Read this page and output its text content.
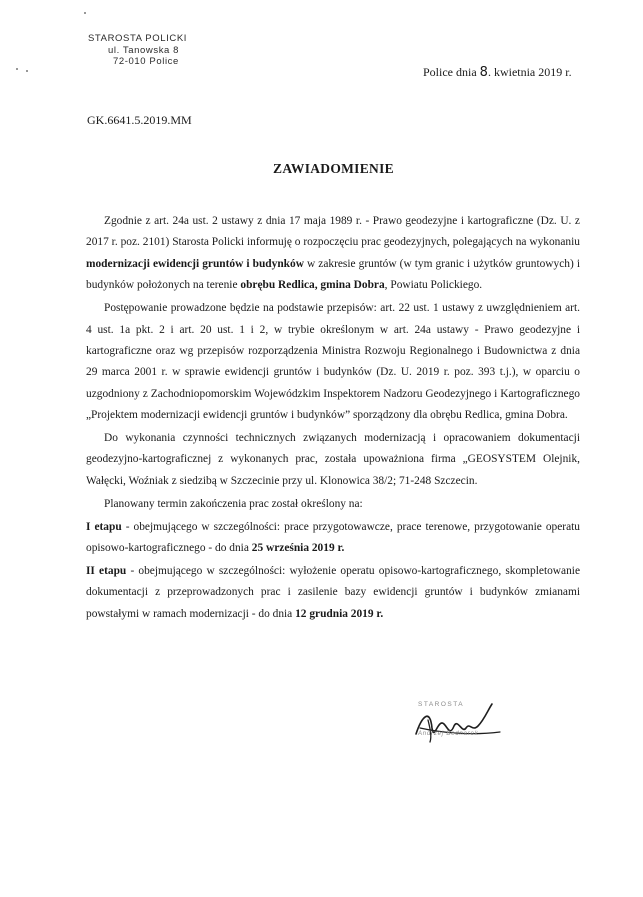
STAROSTA POLICKI
ul. Tanowska 8
72-010 Police
Police dnia 8. kwietnia 2019 r.
GK.6641.5.2019.MM
ZAWIADOMIENIE

Zgodnie z art. 24a ust. 2 ustawy z dnia 17 maja 1989 r. - Prawo geodezyjne i kartograficzne (Dz. U. z 2017 r. poz. 2101) Starosta Policki informuję o rozpoczęciu prac geodezyjnych, polegających na wykonaniu modernizacji ewidencji gruntów i budynków w zakresie gruntów (w tym granic i użytków gruntowych) i budynków położonych na terenie obrębu Redlica, gmina Dobra, Powiatu Polickiego.

Postępowanie prowadzone będzie na podstawie przepisów: art. 22 ust. 1 ustawy z uwzględnieniem art. 4 ust. 1a pkt. 2 i art. 20 ust. 1 i 2, w trybie określonym w art. 24a ustawy - Prawo geodezyjne i kartograficzne oraz wg przepisów rozporządzenia Ministra Rozwoju Regionalnego i Budownictwa z dnia 29 marca 2001 r. w sprawie ewidencji gruntów i budynków (Dz. U. 2019 r. poz. 393 t.j.), w oparciu o uzgodniony z Zachodniopomorskim Wojewódzkim Inspektorem Nadzoru Geodezyjnego i Kartograficznego „Projektem modernizacji ewidencji gruntów i budynków” sporządzony dla obrębu Redlica, gmina Dobra.

Do wykonania czynności technicznych związanych modernizacją i opracowaniem dokumentacji geodezyjno-kartograficznej z wykonanych prac, została upoważniona firma „GEOSYSTEM Olejnik, Wałęcki, Woźniak z siedzibą w Szczecinie przy ul. Klonowica 38/2; 71-248 Szczecin.

Planowany termin zakończenia prac został określony na:

I etapu - obejmującego w szczególności: prace przygotowawcze, prace terenowe, przygotowanie operatu opisowo-kartograficznego - do dnia 25 września 2019 r.

II etapu - obejmującego w szczególności: wyłożenie operatu opisowo-kartograficznego, skompletowanie dokumentacji z przeprowadzonych prac i zasilenie bazy ewidencji gruntów i budynków zmianami powstałymi w ramach modernizacji - do dnia 12 grudnia 2019 r.

STAROSTA
Andrzej Bednarek
